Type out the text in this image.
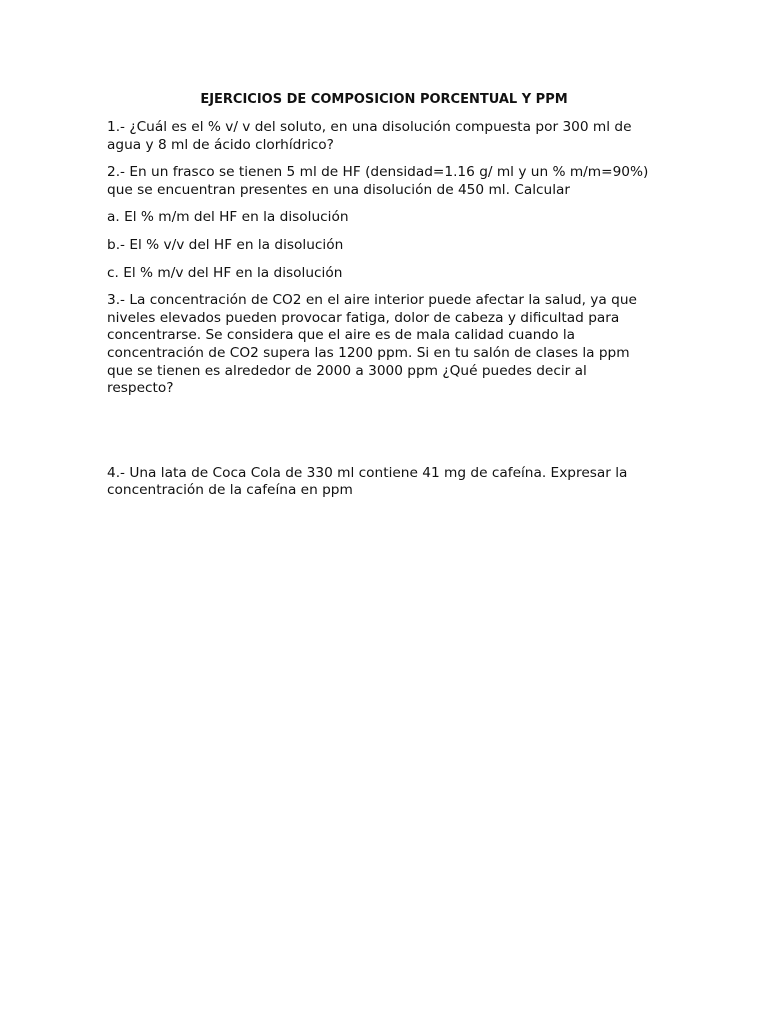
EJERCICIOS DE COMPOSICION PORCENTUAL Y PPM
1.- ¿Cuál es el % v/ v del soluto, en una disolución compuesta por 300 ml de
agua y 8 ml de ácido clorhídrico?
2.- En un frasco se tienen 5 ml de HF (densidad=1.16 g/ ml y un % m/m=90%)
que se encuentran presentes en una disolución de 450 ml. Calcular
a. El % m/m del HF en la disolución
b.- El % v/v del HF en la disolución
c. El % m/v del HF en la disolución
3.- La concentración de CO2 en el aire interior puede afectar la salud, ya que
niveles elevados pueden provocar fatiga, dolor de cabeza y dificultad para
concentrarse. Se considera que el aire es de mala calidad cuando la
concentración de CO2 supera las 1200 ppm. Si en tu salón de clases la ppm
que se tienen es alrededor de 2000 a 3000 ppm ¿Qué puedes decir al
respecto?
4.- Una lata de Coca Cola de 330 ml contiene 41 mg de cafeína. Expresar la
concentración de la cafeína en ppm
